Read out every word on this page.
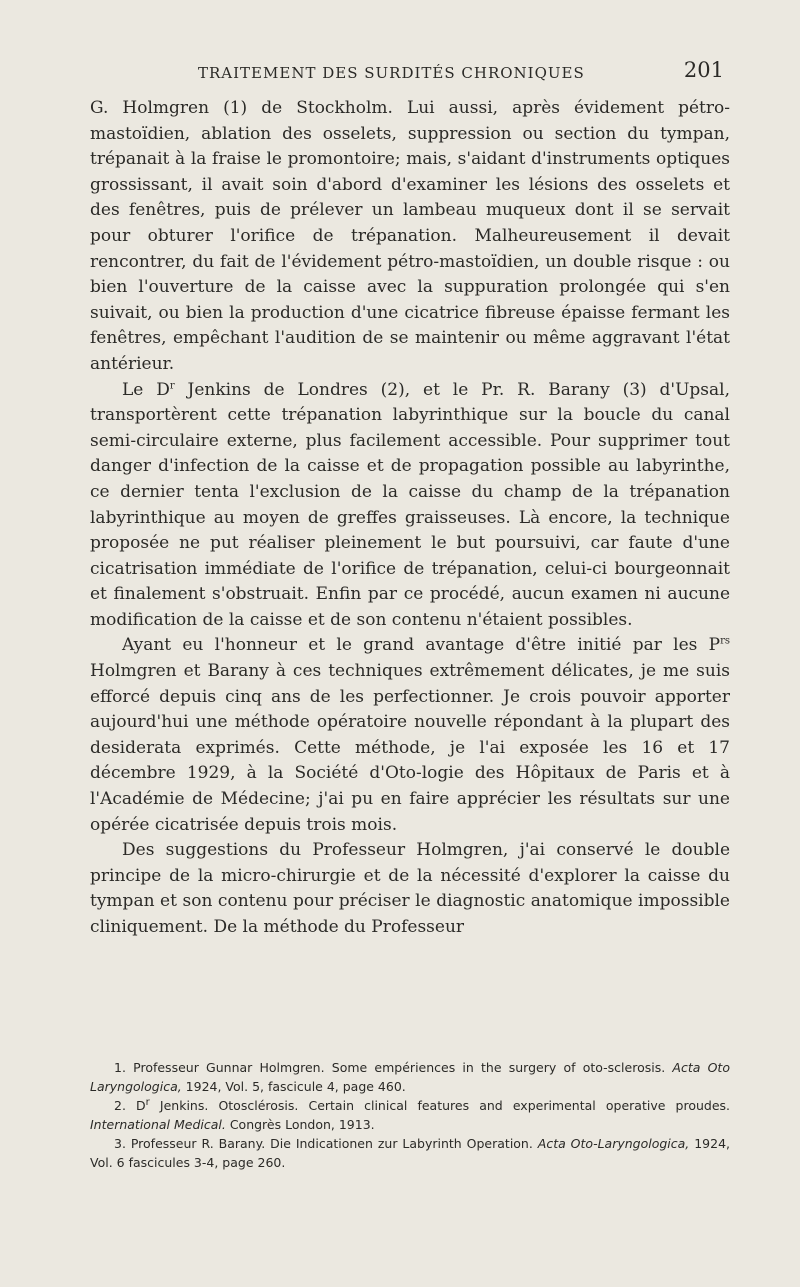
TRAITEMENT DES SURDITÉS CHRONIQUES	201

G. Holmgren (1) de Stockholm. Lui aussi, après évidement pétro-mastoïdien, ablation des osselets, suppression ou section du tympan, trépanait à la fraise le promontoire; mais, s'aidant d'instruments optiques grossissant, il avait soin d'abord d'examiner les lésions des osselets et des fenêtres, puis de prélever un lambeau muqueux dont il se servait pour obturer l'orifice de trépanation. Malheureusement il devait rencontrer, du fait de l'évidement pétro-mastoïdien, un double risque : ou bien l'ouverture de la caisse avec la suppuration prolongée qui s'en suivait, ou bien la production d'une cicatrice fibreuse épaisse fermant les fenêtres, empêchant l'audition de se maintenir ou même aggravant l'état antérieur.

Le $D^r$ Jenkins de Londres (2), et le Pr. R. Barany (3) d'Upsal, transportèrent cette trépanation labyrinthique sur la boucle du canal semi-circulaire externe, plus facilement accessible. Pour supprimer tout danger d'infection de la caisse et de propagation possible au labyrinthe, ce dernier tenta l'exclusion de la caisse du champ de la trépanation labyrinthique au moyen de greffes graisseuses. Là encore, la technique proposée ne put réaliser pleinement le but poursuivi, car faute d'une cicatrisation immédiate de l'orifice de trépanation, celui-ci bourgeonnait et finalement s'obstruait. Enfin par ce procédé, aucun examen ni aucune modification de la caisse et de son contenu n'étaient possibles.

Ayant eu l'honneur et le grand avantage d'être initié par les $P^{rs}$ Holmgren et Barany à ces techniques extrêmement délicates, je me suis efforcé depuis cinq ans de les perfectionner. Je crois pouvoir apporter aujourd'hui une méthode opératoire nouvelle répondant à la plupart des desiderata exprimés. Cette méthode, je l'ai exposée les 16 et 17 décembre 1929, à la Société d'Oto-logie des Hôpitaux de Paris et à l'Académie de Médecine; j'ai pu en faire apprécier les résultats sur une opérée cicatrisée depuis trois mois.

Des suggestions du Professeur Holmgren, j'ai conservé le double principe de la micro-chirurgie et de la nécessité d'explorer la caisse du tympan et son contenu pour préciser le diagnostic anatomique impossible cliniquement. De la méthode du Professeur

1. Professeur Gunnar Holmgren. Some empériences in the surgery of oto-sclerosis. Acta Oto Laryngologica, 1924, Vol. 5, fascicule 4, page 460.

2. $D^r$ Jenkins. Otosclérosis. Certain clinical features and experimental operative proudes. International Medical. Congrès London, 1913.

3. Professeur R. Barany. Die Indicationen zur Labyrinth Operation. Acta Oto-Laryngologica, 1924, Vol. 6 fascicules 3-4, page 260.
